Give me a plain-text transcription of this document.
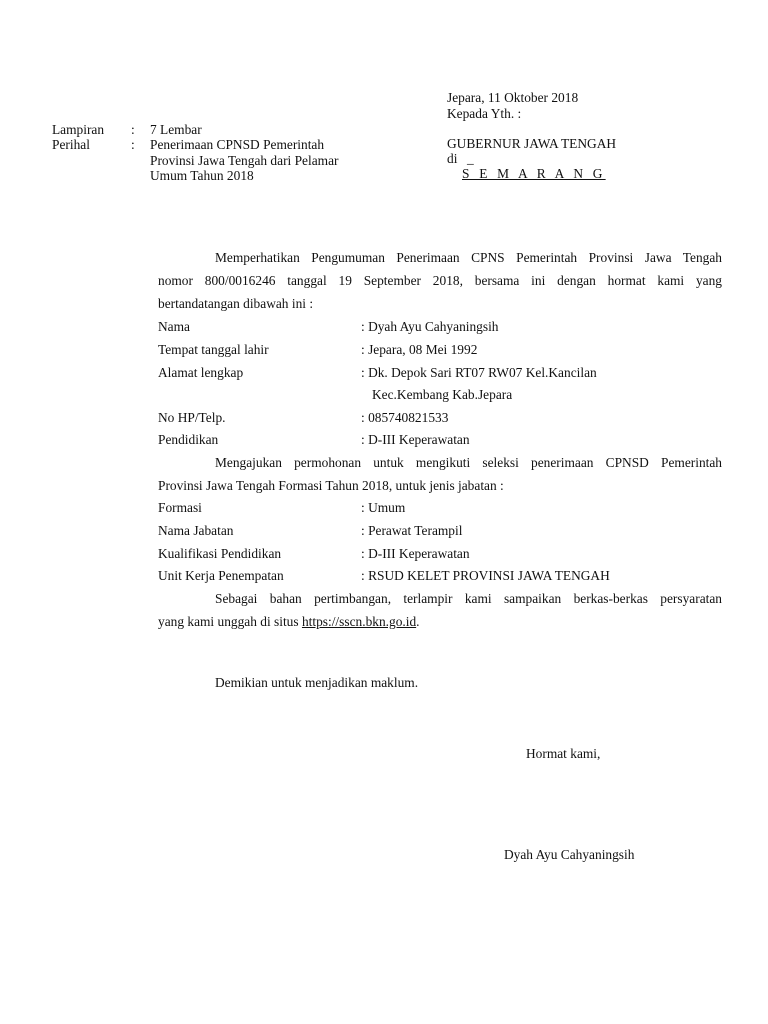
Jepara, 11 Oktober 2018
Kepada Yth. :
GUBERNUR JAWA TENGAH
di _
S E M A R A N G
Lampiran : 7 Lembar
Perihal	: Penerimaan CPNSD Pemerintah
Provinsi Jawa Tengah dari Pelamar
Umum Tahun 2018
Memperhatikan Pengumuman Penerimaan CPNS Pemerintah Provinsi Jawa Tengah
nomor 800/0016246 tanggal 19 September 2018, bersama ini dengan hormat kami yang
bertandatangan dibawah ini :
Nama	: Dyah Ayu Cahyaningsih
Tempat tanggal lahir	: Jepara, 08 Mei 1992
Alamat lengkap	: Dk. Depok Sari RT07 RW07 Kel.Kancilan
Kec.Kembang Kab.Jepara
No HP/Telp.	: 085740821533
Pendidikan	: D-III Keperawatan
Mengajukan permohonan untuk mengikuti seleksi penerimaan CPNSD Pemerintah
Provinsi Jawa Tengah Formasi Tahun 2018, untuk jenis jabatan :
Formasi	: Umum
Nama Jabatan	: Perawat Terampil
Kualifikasi Pendidikan	: D-III Keperawatan
Unit Kerja Penempatan	: RSUD KELET PROVINSI JAWA TENGAH
Sebagai bahan pertimbangan, terlampir kami sampaikan berkas-berkas persyaratan
yang kami unggah di situs https://sscn.bkn.go.id.
Demikian untuk menjadikan maklum.
Hormat kami,
Dyah Ayu Cahyaningsih
